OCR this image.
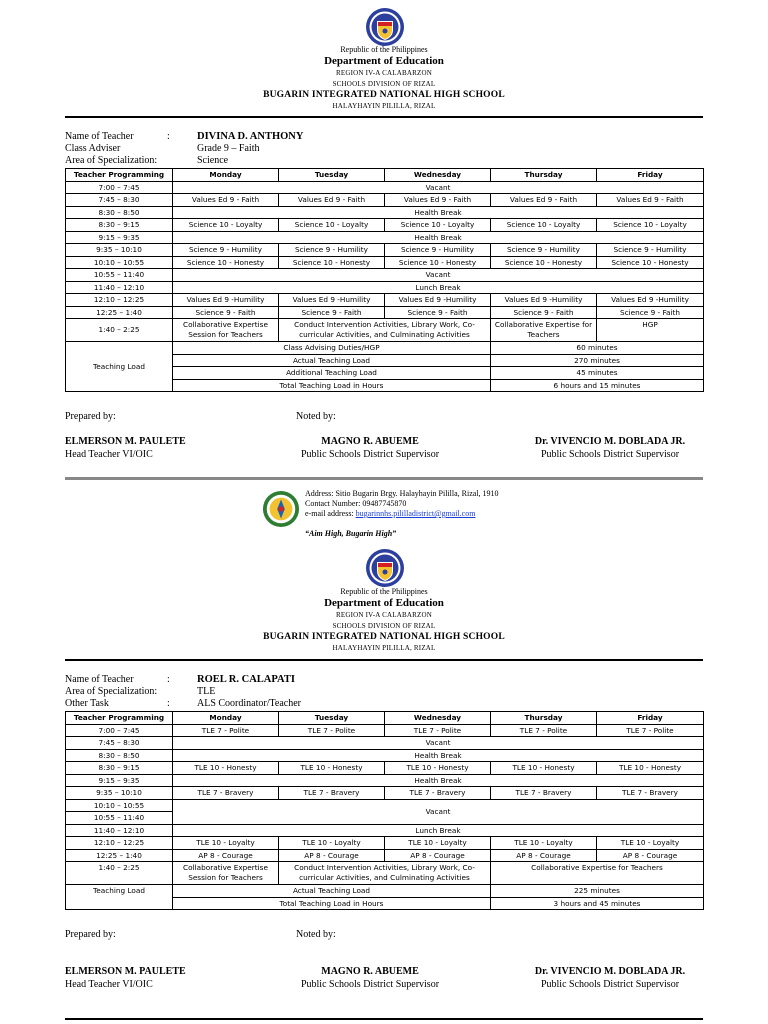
Republic of the Philippines
Department of Education
REGION IV-A CALABARZON
SCHOOLS DIVISION OF RIZAL
BUGARIN INTEGRATED NATIONAL HIGH SCHOOL
HALAYHAYIN PILILLA, RIZAL
Name of Teacher	:	DIVINA D. ANTHONY
Class Adviser	Grade 9 – Faith
Area of Specialization:	Science
Teacher Programming	Monday	Tuesday	Wednesday	Thursday	Friday
7:00 – 7:45	Vacant				
7:45 – 8:30	Values Ed 9 - Faith	Values Ed 9 - Faith	Values Ed 9 - Faith	Values Ed 9 - Faith	Values Ed 9 - Faith
8:30 – 8:50	Health Break				
8:30 – 9:15	Science 10 - Loyalty	Science 10 - Loyalty	Science 10 - Loyalty	Science 10 - Loyalty	Science 10 - Loyalty
9:15 – 9:35	Health Break				
9:35 – 10:10	Science 9 - Humility	Science 9 - Humility	Science 9 - Humility	Science 9 - Humility	Science 9 - Humility
10:10 – 10:55	Science 10 - Honesty	Science 10 - Honesty	Science 10 - Honesty	Science 10 - Honesty	Science 10 - Honesty
10:55 – 11:40	Vacant				
11:40 – 12:10	Lunch Break				
12:10 – 12:25	Values Ed 9 -Humility	Values Ed 9 -Humility	Values Ed 9 -Humility	Values Ed 9 -Humility	Values Ed 9 -Humility
12:25 – 1:40	Science 9 - Faith	Science 9 - Faith	Science 9 - Faith	Science 9 - Faith	Science 9 - Faith
1:40 – 2:25	Collaborative Expertise Session for Teachers	Conduct Intervention Activities, Library Work, Co-curricular Activities, and Culminating Activities		Collaborative Expertise for Teachers	HGP
Teaching Load	Class Advising Duties/HGP			60 minutes	
	Actual Teaching Load			270 minutes	
	Additional Teaching Load			45 minutes	
	Total Teaching Load in Hours			6 hours and 15 minutes	
Prepared by:	Noted by:
ELMERSON M. PAULETE
Head Teacher VI/OIC
MAGNO R. ABUEME
Public Schools District Supervisor
Dr. VIVENCIO M. DOBLADA JR.
Public Schools District Supervisor
Address: Sitio Bugarin Brgy. Halayhayin Pililla, Rizal, 1910
Contact Number: 09487745870
e-mail address: bugarinnhs.pililladistrict@gmail.com
“Aim High, Bugarin High”
Republic of the Philippines
Department of Education
REGION IV-A CALABARZON
SCHOOLS DIVISION OF RIZAL
BUGARIN INTEGRATED NATIONAL HIGH SCHOOL
HALAYHAYIN PILILLA, RIZAL
Name of Teacher	:	ROEL R. CALAPATI
Area of Specialization:	TLE
Other Task	:	ALS Coordinator/Teacher
Teacher Programming	Monday	Tuesday	Wednesday	Thursday	Friday
7:00 – 7:45	TLE 7 - Polite	TLE 7 - Polite	TLE 7 - Polite	TLE 7 - Polite	TLE 7 - Polite
7:45 – 8:30	Vacant				
8:30 – 8:50	Health Break				
8:30 – 9:15	TLE 10 - Honesty	TLE 10 - Honesty	TLE 10 - Honesty	TLE 10 - Honesty	TLE 10 - Honesty
9:15 – 9:35	Health Break				
9:35 – 10:10	TLE 7 - Bravery	TLE 7 - Bravery	TLE 7 - Bravery	TLE 7 - Bravery	TLE 7 - Bravery
10:10 – 10:55	Vacant				
10:55 – 11:40					
11:40 – 12:10	Lunch Break				
12:10 – 12:25	TLE 10 - Loyalty	TLE 10 - Loyalty	TLE 10 - Loyalty	TLE 10 - Loyalty	TLE 10 - Loyalty
12:25 – 1:40	AP 8 - Courage	AP 8 - Courage	AP 8 - Courage	AP 8 - Courage	AP 8 - Courage
1:40 – 2:25	Collaborative Expertise Session for Teachers	Conduct Intervention Activities, Library Work, Co-curricular Activities, and Culminating Activities		Collaborative Expertise for Teachers	
Teaching Load	Actual Teaching Load			225 minutes	
	Total Teaching Load in Hours			3 hours and 45 minutes	
Prepared by:	Noted by:
ELMERSON M. PAULETE
Head Teacher VI/OIC
MAGNO R. ABUEME
Public Schools District Supervisor
Dr. VIVENCIO M. DOBLADA JR.
Public Schools District Supervisor
